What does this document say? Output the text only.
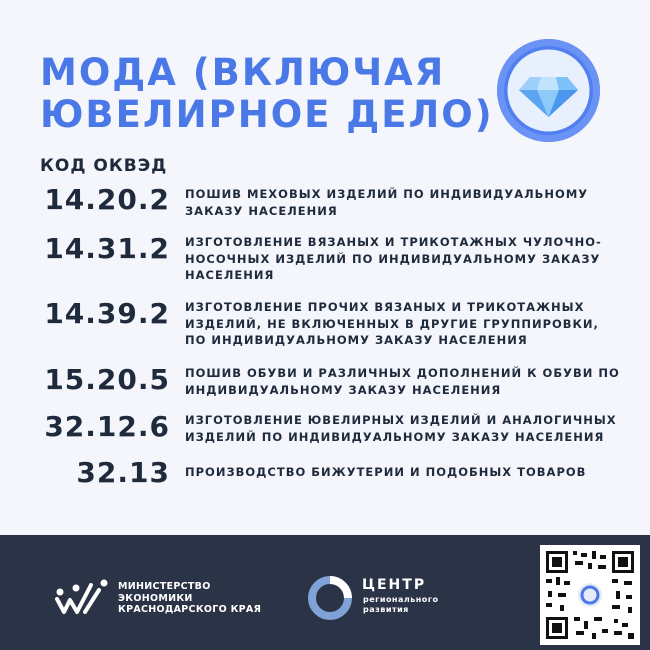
МОДА (ВКЛЮЧАЯ
ЮВЕЛИРНОЕ ДЕЛО)
КОД ОКВЭД
14.20.2 ПОШИВ МЕХОВЫХ ИЗДЕЛИЙ ПО ИНДИВИДУАЛЬНОМУ ЗАКАЗУ НАСЕЛЕНИЯ
14.31.2 ИЗГОТОВЛЕНИЕ ВЯЗАНЫХ И ТРИКОТАЖНЫХ ЧУЛОЧНО-НОСОЧНЫХ ИЗДЕЛИЙ ПО ИНДИВИДУАЛЬНОМУ ЗАКАЗУ НАСЕЛЕНИЯ
14.39.2 ИЗГОТОВЛЕНИЕ ПРОЧИХ ВЯЗАНЫХ И ТРИКОТАЖНЫХ ИЗДЕЛИЙ, НЕ ВКЛЮЧЕННЫХ В ДРУГИЕ ГРУППИРОВКИ, ПО ИНДИВИДУАЛЬНОМУ ЗАКАЗУ НАСЕЛЕНИЯ
15.20.5 ПОШИВ ОБУВИ И РАЗЛИЧНЫХ ДОПОЛНЕНИЙ К ОБУВИ ПО ИНДИВИДУАЛЬНОМУ ЗАКАЗУ НАСЕЛЕНИЯ
32.12.6 ИЗГОТОВЛЕНИЕ ЮВЕЛИРНЫХ ИЗДЕЛИЙ И АНАЛОГИЧНЫХ ИЗДЕЛИЙ ПО ИНДИВИДУАЛЬНОМУ ЗАКАЗУ НАСЕЛЕНИЯ
32.13 ПРОИЗВОДСТВО БИЖУТЕРИИ И ПОДОБНЫХ ТОВАРОВ
МИНИСТЕРСТВО
ЭКОНОМИКИ
КРАСНОДАРСКОГО КРАЯ
ЦЕНТР
регионального
развития
